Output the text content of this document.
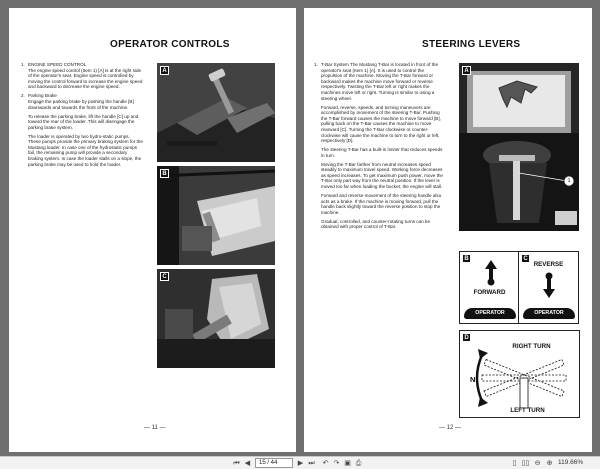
OPERATOR CONTROLS
1. ENGINE SPEED CONTROL

The engine speed control (Item 1) [A] is at the right side of the operator's seat. Engine speed is controlled by moving the control forward to increase the engine speed and backward to decrease the engine speed.

2. Parking Brake

Engage the parking brake by pushing the handle [B] downwards and towards the front of the machine.

To release the parking brake, lift the handle [C] up and toward the rear of the loader. This will disengage the parking brake system.

The loader is operated by two hydro-static pumps. These pumps provide the primary braking system for the Mustang loader. In case one of the hydrostatic pumps fail, the remaining pump will provide a secondary braking system. In case the loader stalls on a slope, the parking brake may be used to hold the loader.

A
B
C
— 11 —
STEERING LEVERS
1. T-Bar System The Mustang T-Bar is located in front of the operator's seat (Item 1) [A]. It is used to control the propulsion of the machine. Moving the T-Bar forward or backward makes the machine move forward or reverse respectively. Twisting the T-Bar left or right makes the machines move left or right. Turning is similar to using a steering wheel.

Forward, reverse, speeds, and turning maneuvers are accomplished by movement of the steering T-Bar. Pushing the T-Bar forward causes the machine to move forward [B], pulling back on the T-Bar causes the machine to move rearward [C]. Turning the T-Bar clockwise or counter-clockwise will cause the machine to turn to the right or left, respectively [D].

The steering T-Bar has a built-in limiter that reduces speeds in turn.

Moving the T-Bar farther from neutral increases speed steadily to maximum travel speed. Working force decreases as speed increases. To get maximum push power, move the T-Bar only part way from the neutral position. If the lever is moved too far when loading the bucket, the engine will stall.

Forward and reverse movement of the steering handle also acts as a brake. If the machine is moving forward, pull the handle back slightly toward the reverse position to stop the machine.

Gradual, controlled, and counter-rotating turns can be obtained with proper control of T-Bar.

A
1
B
FORWARD
OPERATOR
C
REVERSE
OPERATOR
D
RIGHT TURN
N
LEFT TURN
— 12 —
⏮ ◀	15 / 44	▶ ⏭ ↶ ↷ ▣ ⎙	▯ ▯▯ ⊖ ⊕ 119.66%
